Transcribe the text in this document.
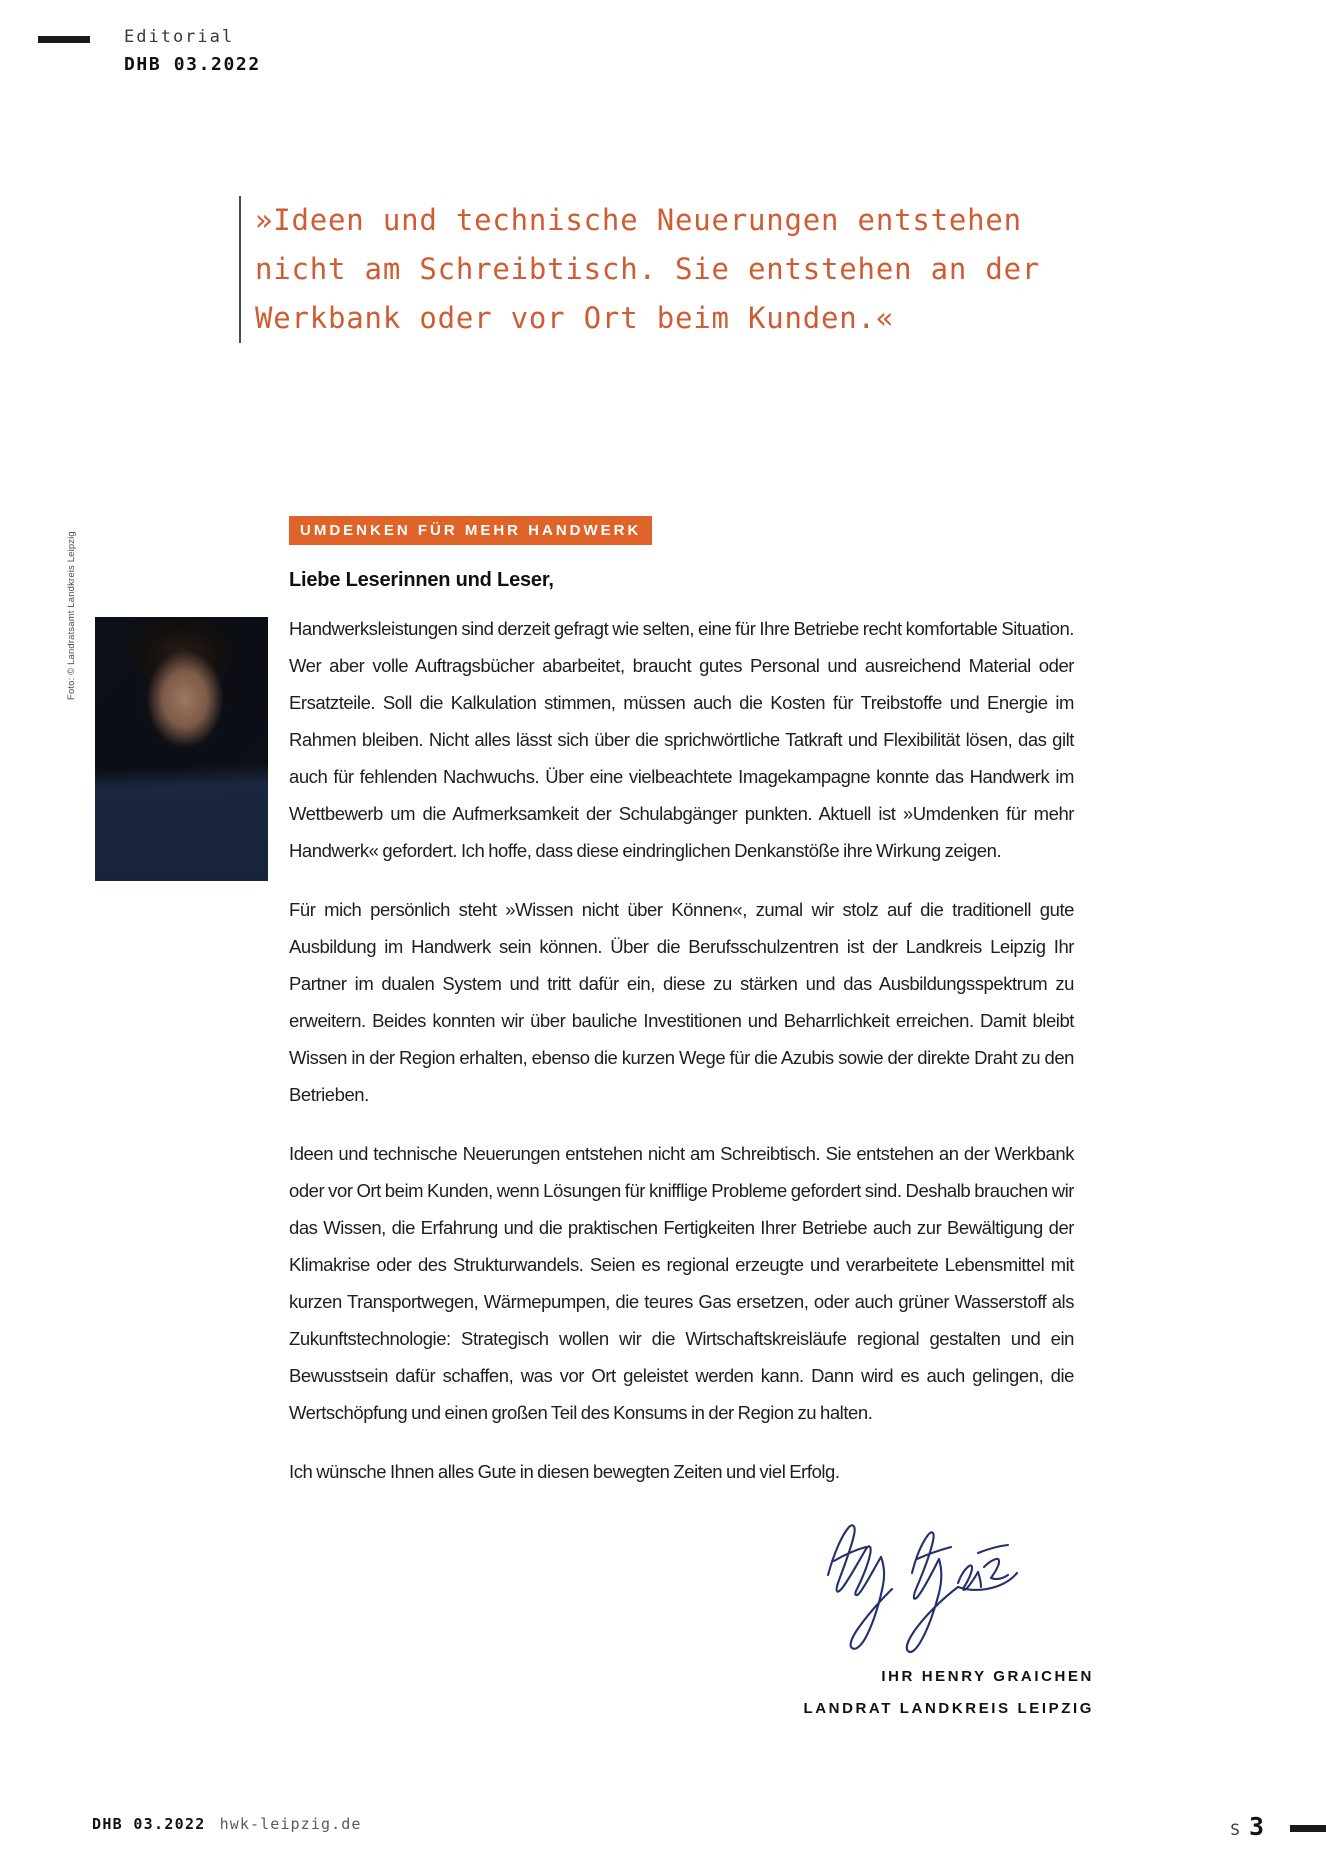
Editorial
DHB 03.2022
»Ideen und technische Neuerungen entstehen nicht am Schreibtisch. Sie entstehen an der Werkbank oder vor Ort beim Kunden.«
UMDENKEN FÜR MEHR HANDWERK
Liebe Leserinnen und Leser,
Foto: © Landratsamt Landkreis Leipzig	Handwerksleistungen sind derzeit gefragt wie selten, eine für Ihre Betriebe recht komfortable Situation. Wer aber volle Auftragsbücher abarbeitet, braucht gutes Personal und ausreichend Material oder Ersatzteile. Soll die Kalkulation stimmen, müssen auch die Kosten für Treibstoffe und Energie im Rahmen bleiben. Nicht alles lässt sich über die sprichwörtliche Tatkraft und Flexibilität lösen, das gilt auch für fehlenden Nachwuchs. Über eine vielbeachtete Imagekampagne konnte das Handwerk im Wettbewerb um die Aufmerksamkeit der Schulabgänger punkten. Aktuell ist »Umdenken für mehr Handwerk« gefordert. Ich hoffe, dass diese eindringlichen Denkanstöße ihre Wirkung zeigen.

Für mich persönlich steht »Wissen nicht über Können«, zumal wir stolz auf die traditionell gute Ausbildung im Handwerk sein können. Über die Berufsschulzentren ist der Landkreis Leipzig Ihr Partner im dualen System und tritt dafür ein, diese zu stärken und das Ausbildungsspektrum zu erweitern. Beides konnten wir über bauliche Investitionen und Beharrlichkeit erreichen. Damit bleibt Wissen in der Region erhalten, ebenso die kurzen Wege für die Azubis sowie der direkte Draht zu den Betrieben.

Ideen und technische Neuerungen entstehen nicht am Schreibtisch. Sie entstehen an der Werkbank oder vor Ort beim Kunden, wenn Lösungen für knifflige Probleme gefordert sind. Deshalb brauchen wir das Wissen, die Erfahrung und die praktischen Fertigkeiten Ihrer Betriebe auch zur Bewältigung der Klimakrise oder des Strukturwandels. Seien es regional erzeugte und verarbeitete Lebensmittel mit kurzen Transportwegen, Wärmepumpen, die teures Gas ersetzen, oder auch grüner Wasserstoff als Zukunftstechnologie: Strategisch wollen wir die Wirtschaftskreisläufe regional gestalten und ein Bewusstsein dafür schaffen, was vor Ort geleistet werden kann. Dann wird es auch gelingen, die Wertschöpfung und einen großen Teil des Konsums in der Region zu halten.

Ich wünsche Ihnen alles Gute in diesen bewegten Zeiten und viel Erfolg.

IHR HENRY GRAICHEN
LANDRAT LANDKREIS LEIPZIG
DHB 03.2022 hwk-leipzig.de	S 3
